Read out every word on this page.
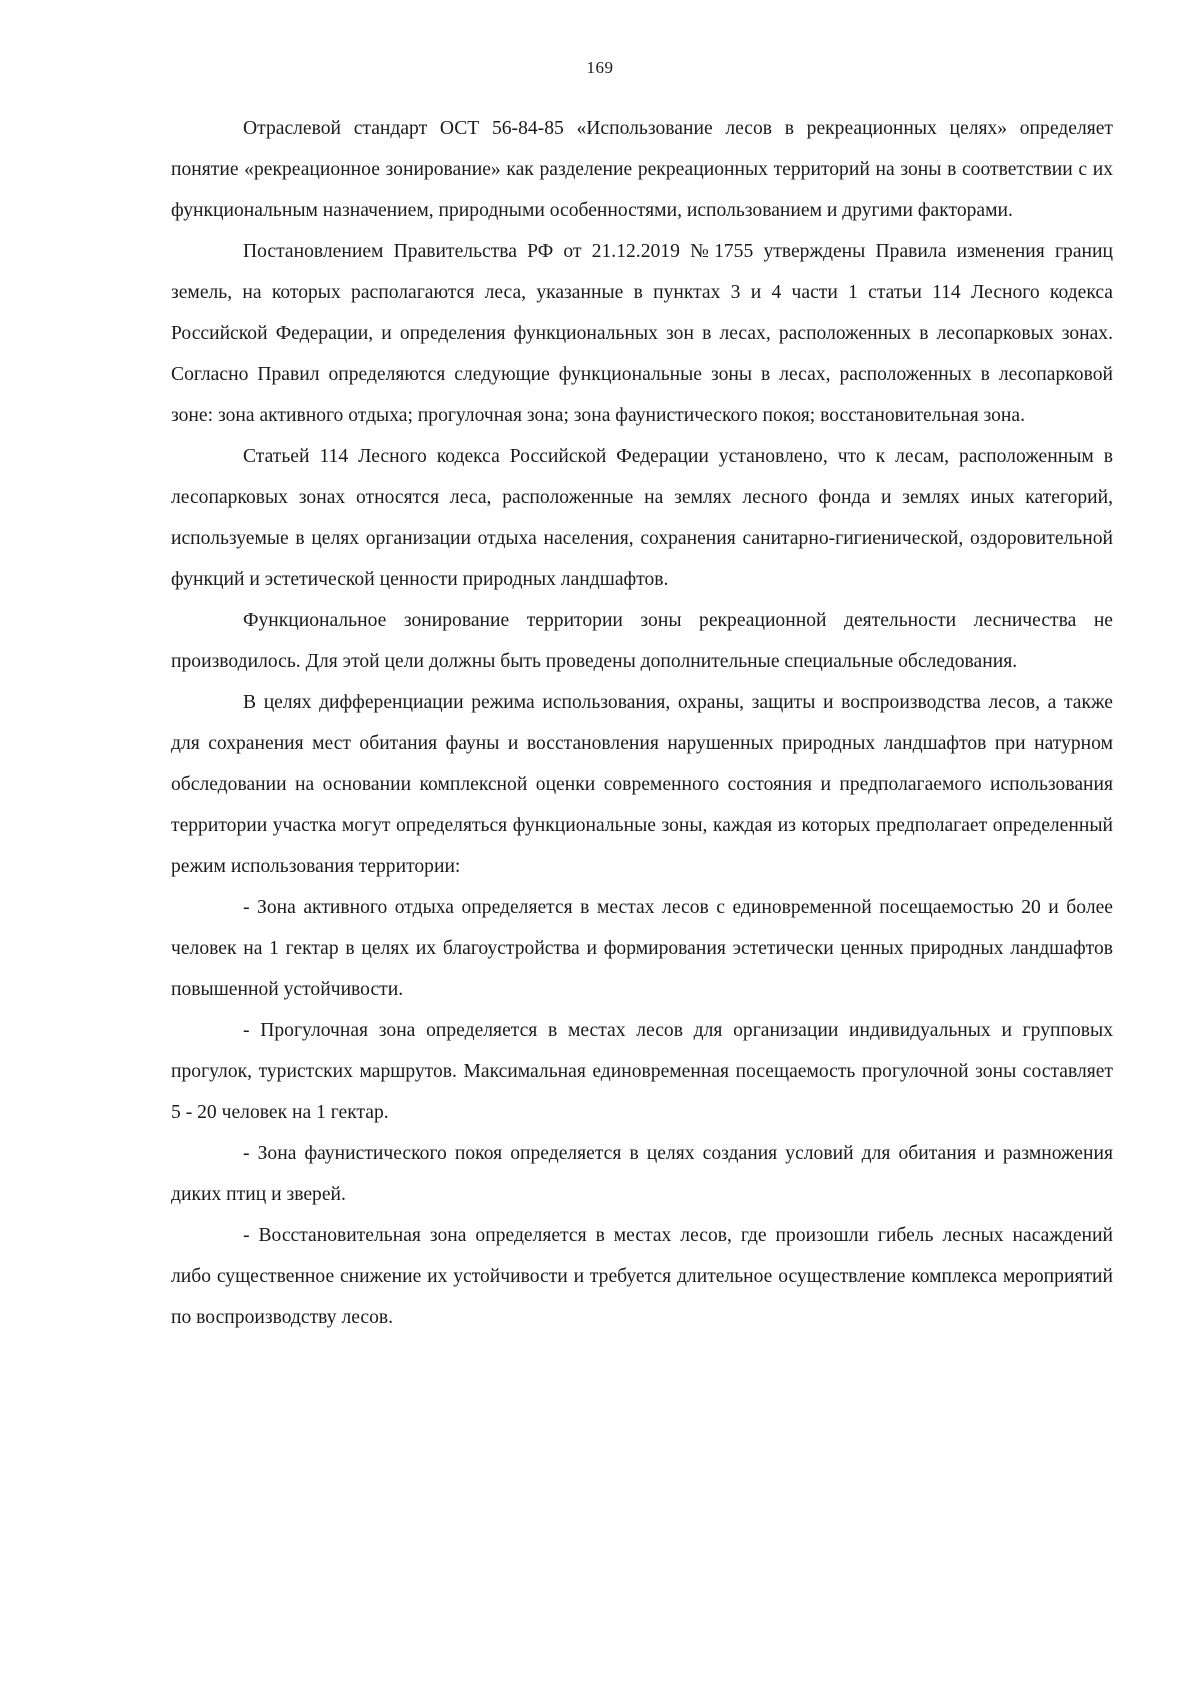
169

Отраслевой стандарт ОСТ 56-84-85 «Использование лесов в рекреационных целях» определяет понятие «рекреационное зонирование» как разделение рекреационных территорий на зоны в соответствии с их функциональным назначением, природными особенностями, использованием и другими факторами.

Постановлением Правительства РФ от 21.12.2019 №1755 утверждены Правила изменения границ земель, на которых располагаются леса, указанные в пунктах 3 и 4 части 1 статьи 114 Лесного кодекса Российской Федерации, и определения функциональных зон в лесах, расположенных в лесопарковых зонах. Согласно Правил определяются следующие функциональные зоны в лесах, расположенных в лесопарковой зоне: зона активного отдыха; прогулочная зона; зона фаунистического покоя; восстановительная зона.

Статьей 114 Лесного кодекса Российской Федерации установлено, что к лесам, расположенным в лесопарковых зонах относятся леса, расположенные на землях лесного фонда и землях иных категорий, используемые в целях организации отдыха населения, сохранения санитарно-гигиенической, оздоровительной функций и эстетической ценности природных ландшафтов.

Функциональное зонирование территории зоны рекреационной деятельности лесничества не производилось. Для этой цели должны быть проведены дополнительные специальные обследования.

В целях дифференциации режима использования, охраны, защиты и воспроизводства лесов, а также для сохранения мест обитания фауны и восстановления нарушенных природных ландшафтов при натурном обследовании на основании комплексной оценки современного состояния и предполагаемого использования территории участка могут определяться функциональные зоны, каждая из которых предполагает определенный режим использования территории:

- Зона активного отдыха определяется в местах лесов с единовременной посещаемостью 20 и более человек на 1 гектар в целях их благоустройства и формирования эстетически ценных природных ландшафтов повышенной устойчивости.

- Прогулочная зона определяется в местах лесов для организации индивидуальных и групповых прогулок, туристских маршрутов. Максимальная единовременная посещаемость прогулочной зоны составляет 5 - 20 человек на 1 гектар.

- Зона фаунистического покоя определяется в целях создания условий для обитания и размножения диких птиц и зверей.

- Восстановительная зона определяется в местах лесов, где произошли гибель лесных насаждений либо существенное снижение их устойчивости и требуется длительное осуществление комплекса мероприятий по воспроизводству лесов.
